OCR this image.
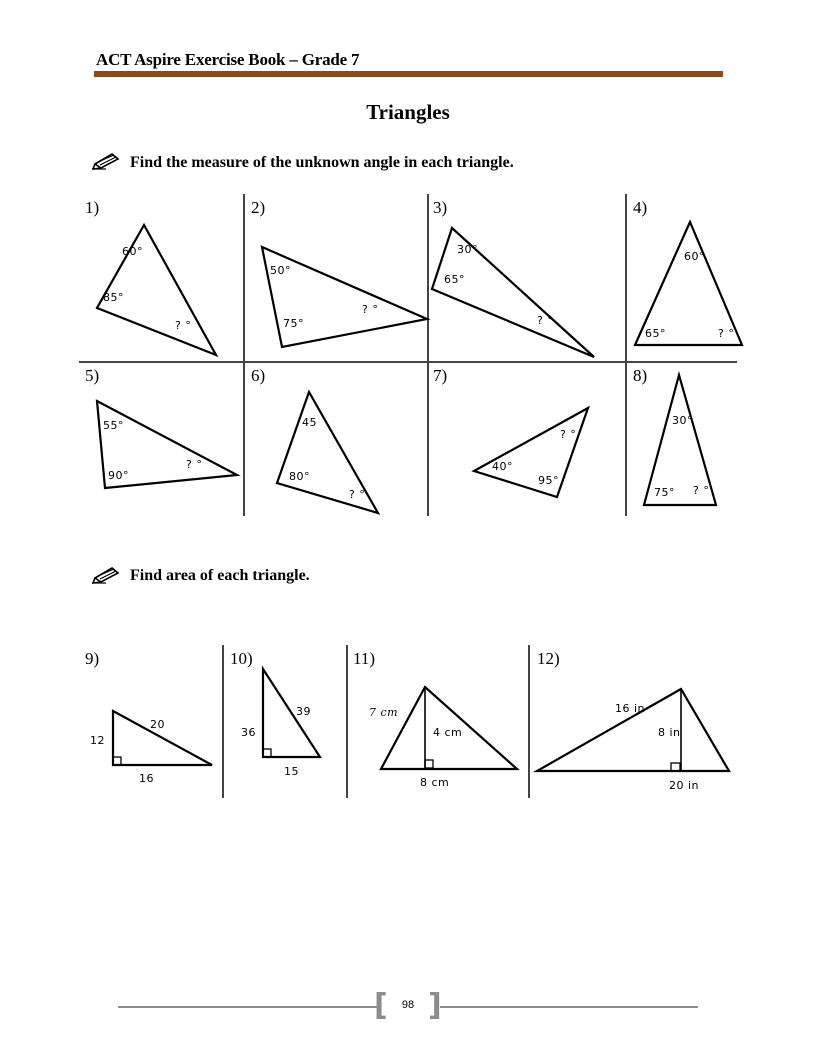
ACT Aspire Exercise Book – Grade 7
Triangles
Find the measure of the unknown angle in each triangle.
1)	2)	3)	4)
5)	6)	7)	8)
60°
85°
? °
50°
75°
? °
30°
65°
? °
60°
65°	? °
55°
90°
? °
45
80°
? °
? °
40°
95°
30°
75° ? °
Find area of each triangle.
9)	10)	11)	12)
20
12
16
39
36
15
7 cm
4 cm
8 cm
16 in
8 in
20 in
[ ]
98
